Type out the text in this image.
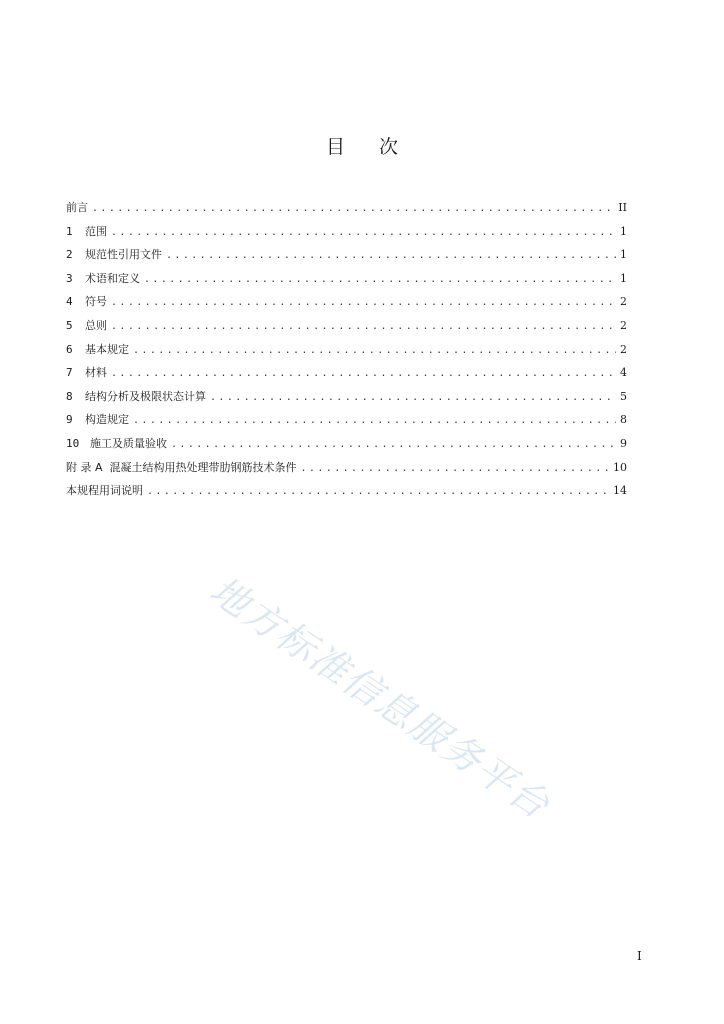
目 次
前言 .....	II
1	范围 .....	1
2	规范性引用文件 .....	1
3	术语和定义 .....	1
4	符号 .....	2
5	总则 .....	2
6	基本规定 .....	2
7	材料 .....	4
8	结构分析及极限状态计算 .....	5
9	构造规定 .....	8
10 施工及质量验收 .....	9
附 录 A  混凝土结构用热处理带肋钢筋技术条件 .....	10
本规程用词说明 .....	14
地方标准信息服务平台
I
